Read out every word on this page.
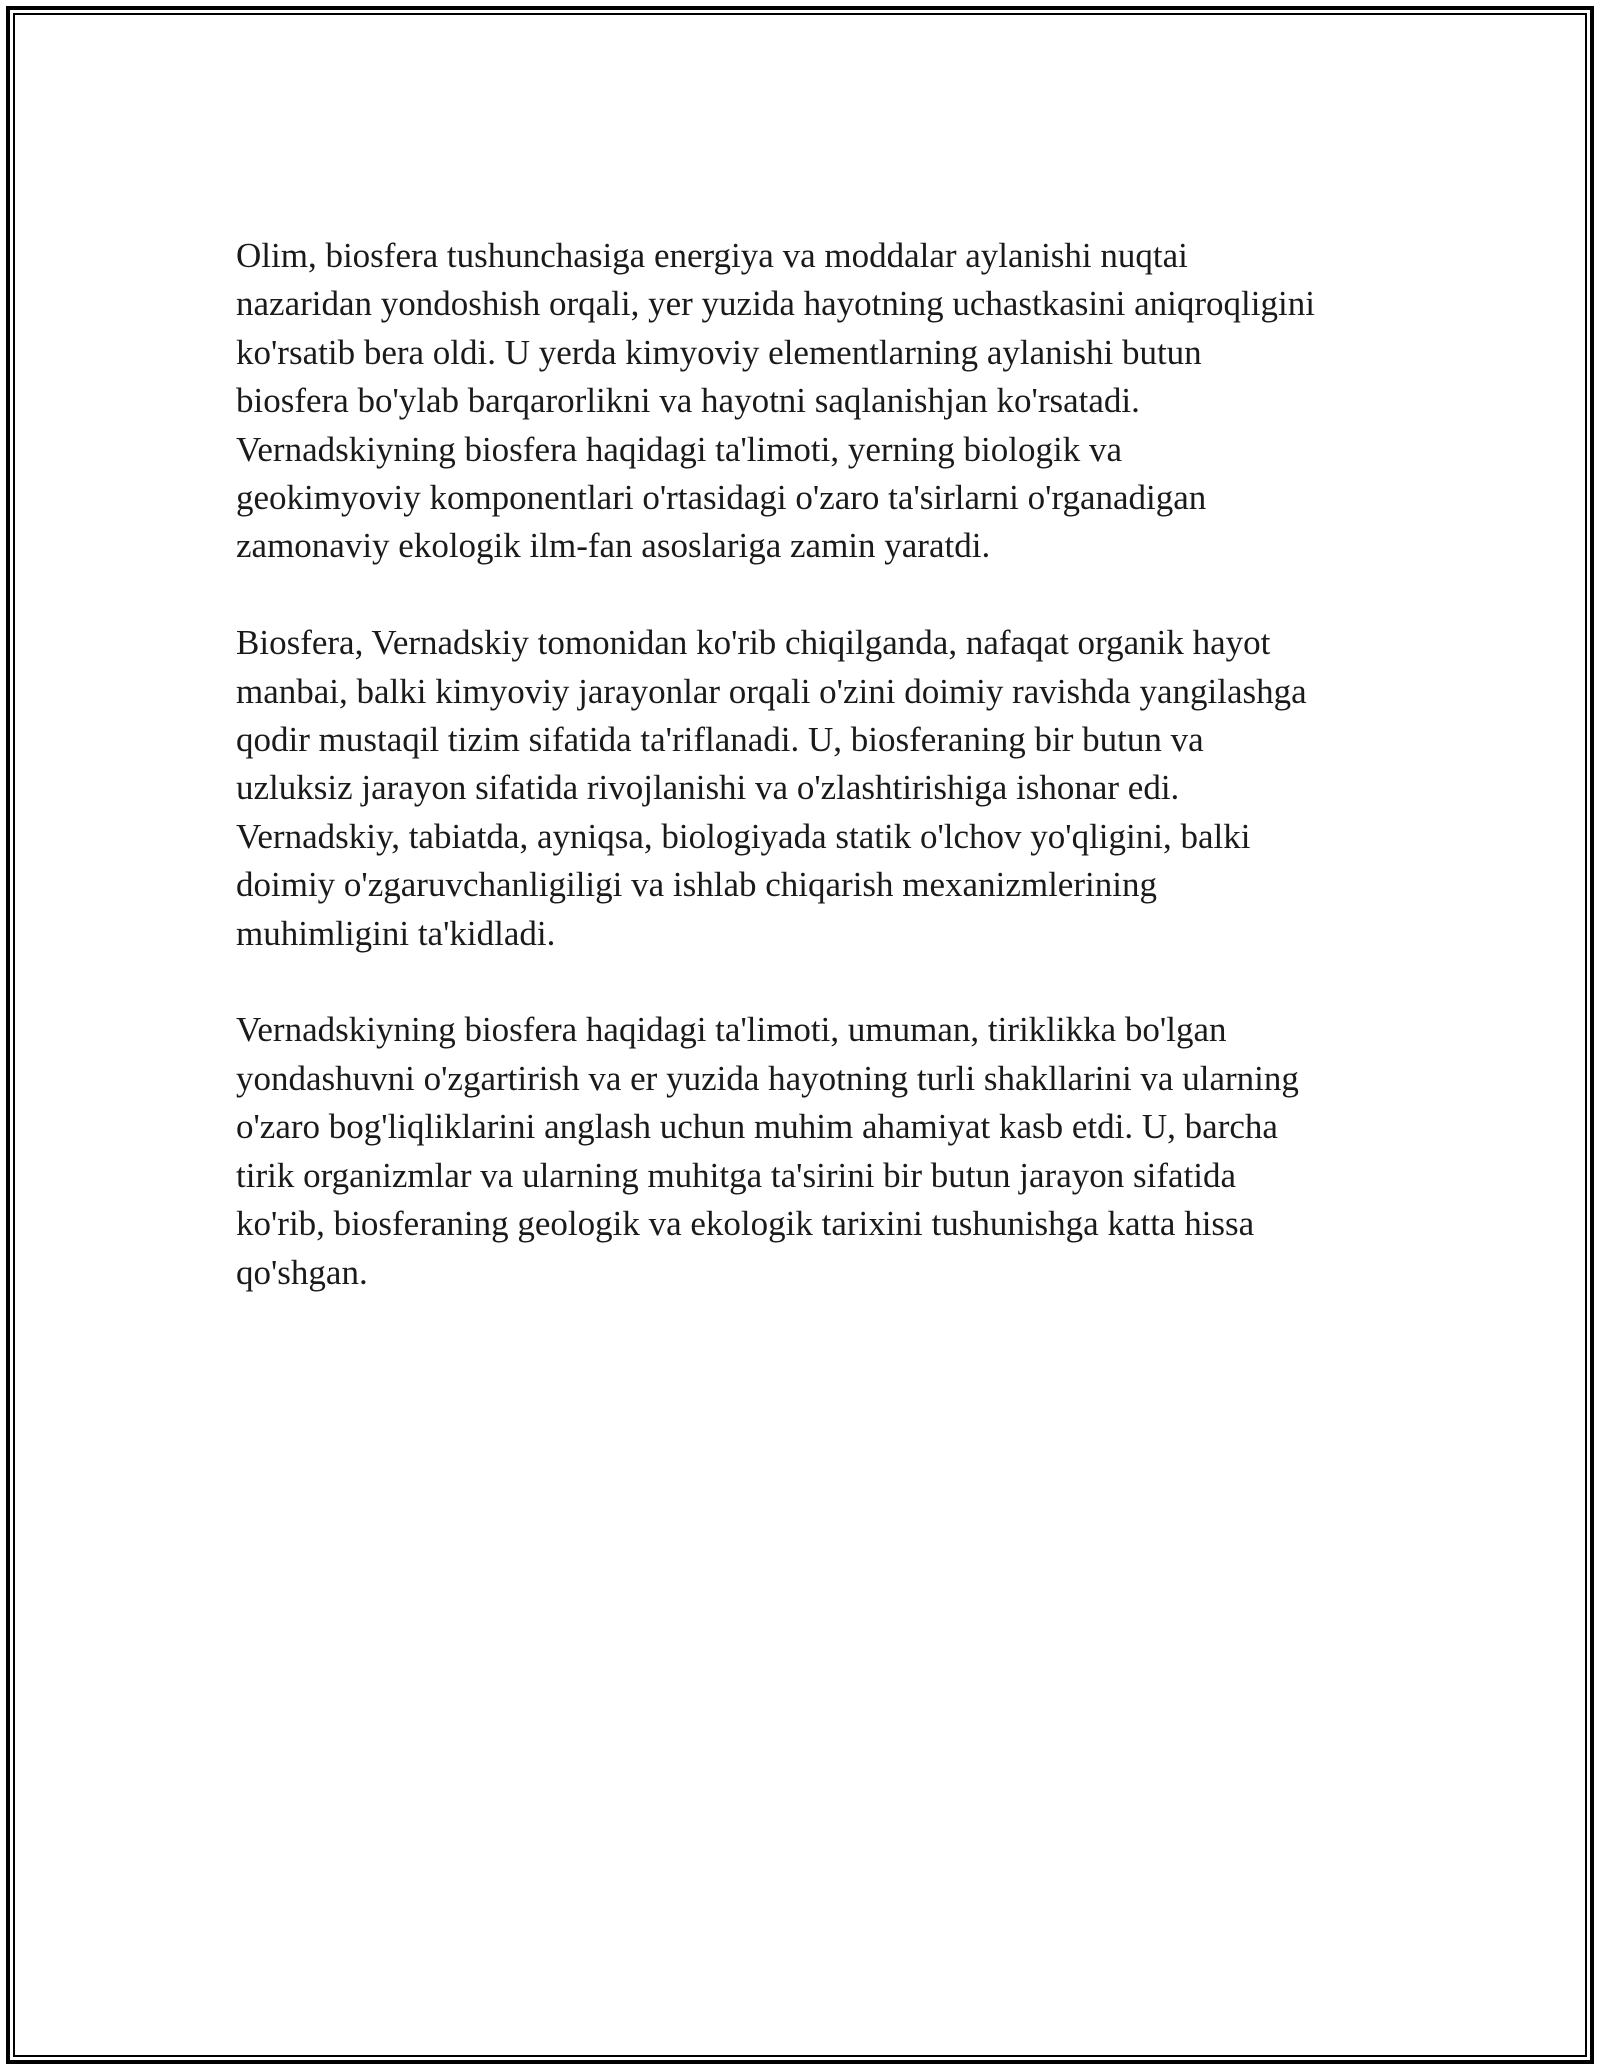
Olim, biosfera tushunchasiga energiya va moddalar aylanishi nuqtai
nazaridan yondoshish orqali, yer yuzida hayotning uchastkasini aniqroqligini
ko'rsatib bera oldi. U yerda kimyoviy elementlarning aylanishi butun
biosfera bo'ylab barqarorlikni va hayotni saqlanishjan ko'rsatadi.
Vernadskiyning biosfera haqidagi ta'limoti, yerning biologik va
geokimyoviy komponentlari o'rtasidagi o'zaro ta'sirlarni o'rganadigan
zamonaviy ekologik ilm-fan asoslariga zamin yaratdi.

Biosfera, Vernadskiy tomonidan ko'rib chiqilganda, nafaqat organik hayot
manbai, balki kimyoviy jarayonlar orqali o'zini doimiy ravishda yangilashga
qodir mustaqil tizim sifatida ta'riflanadi. U, biosferaning bir butun va
uzluksiz jarayon sifatida rivojlanishi va o'zlashtirishiga ishonar edi.
Vernadskiy, tabiatda, ayniqsa, biologiyada statik o'lchov yo'qligini, balki
doimiy o'zgaruvchanligiligi va ishlab chiqarish mexanizmlerining
muhimligini ta'kidladi.

Vernadskiyning biosfera haqidagi ta'limoti, umuman, tiriklikka bo'lgan
yondashuvni o'zgartirish va er yuzida hayotning turli shakllarini va ularning
o'zaro bog'liqliklarini anglash uchun muhim ahamiyat kasb etdi. U, barcha
tirik organizmlar va ularning muhitga ta'sirini bir butun jarayon sifatida
ko'rib, biosferaning geologik va ekologik tarixini tushunishga katta hissa
qo'shgan.
